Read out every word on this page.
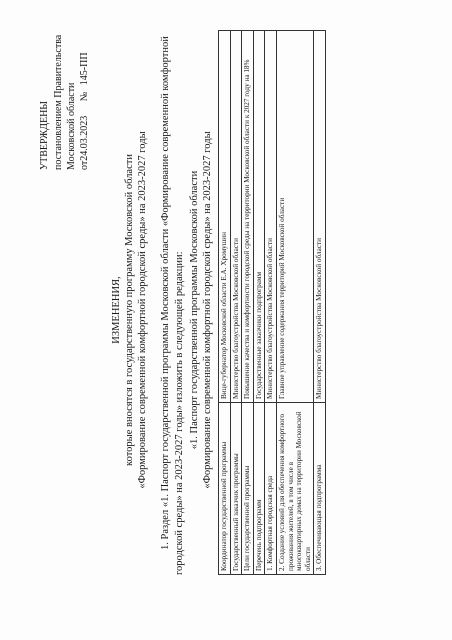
УТВЕРЖДЕНЫ постановлением Правительства Московской области от24.03.2023 № 145-ПП
ИЗМЕНЕНИЯ, которые вносятся в государственную программу Московской области «Формирование современной комфортной городской среды» на 2023-2027 годы 1. Раздел «1. Паспорт государственной программы Московской области «Формирование современной комфортной городской среды» на 2023-2027 годы» изложить в следующей редакции: «1. Паспорт государственной программы Московской области «Формирование современной комфортной городской среды» на 2023-2027 годы
Координатор государственной программы	Вице-губернатор Московской области Е.А. Хромушин
Государственный заказчик программы	Министерство благоустройства Московской области
Цели государственной программы	Повышение качества и комфортности городской среды на территории Московской области к 2027 году на 18%
Перечень подпрограмм	Государственные заказчики подпрограмм
1. Комфортная городская среда	Министерство благоустройства Московской области
2. Создание условий для обеспечения комфортного проживания жителей, в том числе в многоквартирных домах на территории Московской области	Главное управление содержания территорий Московской области
3. Обеспечивающая подпрограмма	Министерство благоустройства Московской области
